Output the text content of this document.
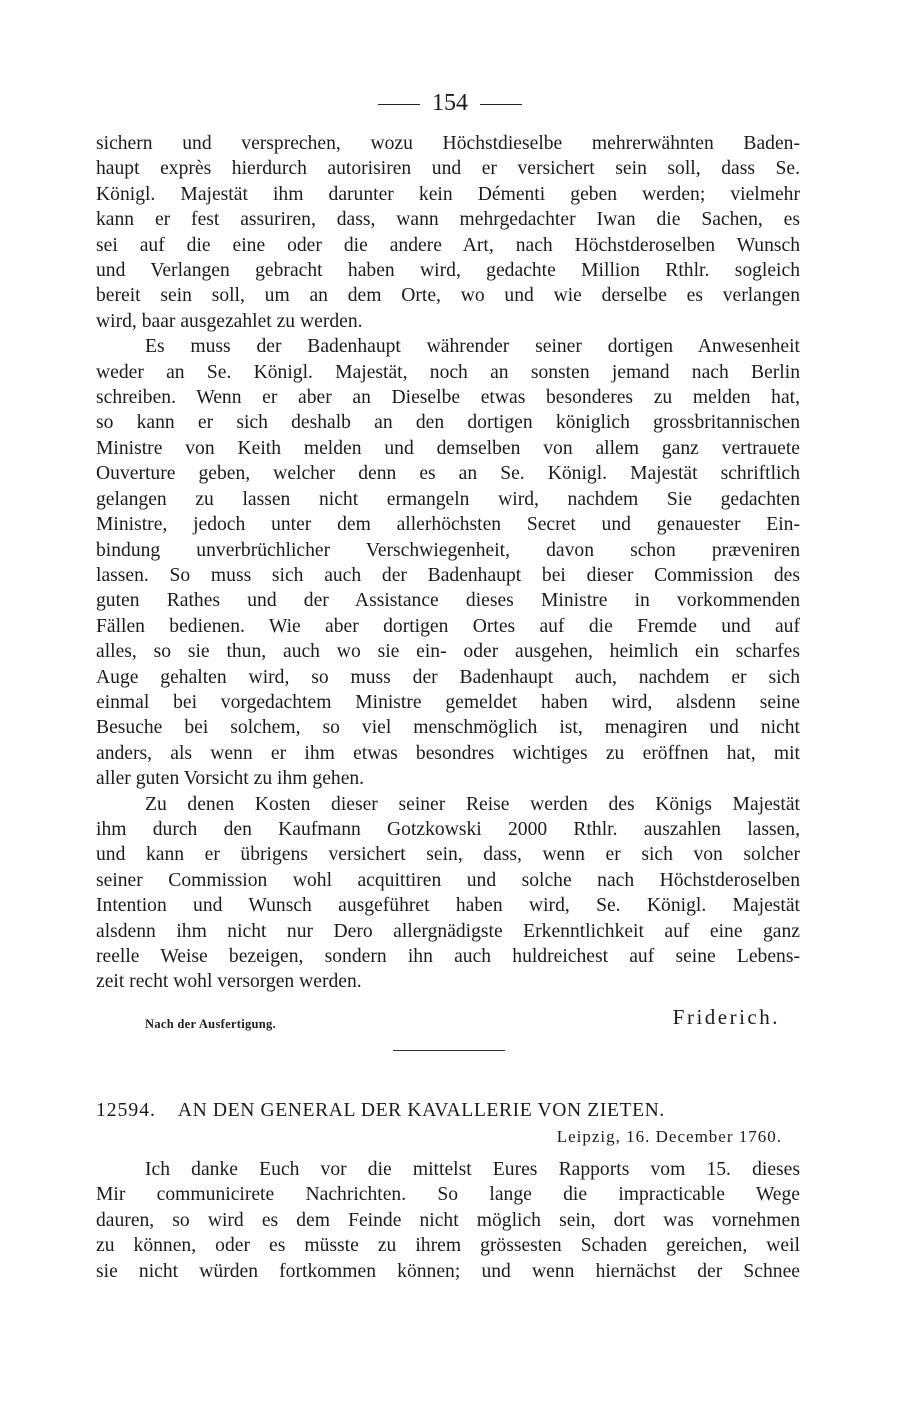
154
sichern und versprechen, wozu Höchstdieselbe mehrerwähnten Baden-
haupt exprès hierdurch autorisiren und er versichert sein soll, dass Se.
Königl. Majestät ihm darunter kein Démenti geben werden; vielmehr
kann er fest assuriren, dass, wann mehrgedachter Iwan die Sachen, es
sei auf die eine oder die andere Art, nach Höchstderoselben Wunsch
und Verlangen gebracht haben wird, gedachte Million Rthlr. sogleich
bereit sein soll, um an dem Orte, wo und wie derselbe es verlangen
wird, baar ausgezahlet zu werden.
Es muss der Badenhaupt währender seiner dortigen Anwesenheit
weder an Se. Königl. Majestät, noch an sonsten jemand nach Berlin
schreiben. Wenn er aber an Dieselbe etwas besonderes zu melden hat,
so kann er sich deshalb an den dortigen königlich grossbritannischen
Ministre von Keith melden und demselben von allem ganz vertrauete
Ouverture geben, welcher denn es an Se. Königl. Majestät schriftlich
gelangen zu lassen nicht ermangeln wird, nachdem Sie gedachten
Ministre, jedoch unter dem allerhöchsten Secret und genauester Ein-
bindung unverbrüchlicher Verschwiegenheit, davon schon præveniren
lassen. So muss sich auch der Badenhaupt bei dieser Commission des
guten Rathes und der Assistance dieses Ministre in vorkommenden
Fällen bedienen. Wie aber dortigen Ortes auf die Fremde und auf
alles, so sie thun, auch wo sie ein- oder ausgehen, heimlich ein scharfes
Auge gehalten wird, so muss der Badenhaupt auch, nachdem er sich
einmal bei vorgedachtem Ministre gemeldet haben wird, alsdenn seine
Besuche bei solchem, so viel menschmöglich ist, menagiren und nicht
anders, als wenn er ihm etwas besondres wichtiges zu eröffnen hat, mit
aller guten Vorsicht zu ihm gehen.
Zu denen Kosten dieser seiner Reise werden des Königs Majestät
ihm durch den Kaufmann Gotzkowski 2000 Rthlr. auszahlen lassen,
und kann er übrigens versichert sein, dass, wenn er sich von solcher
seiner Commission wohl acquittiren und solche nach Höchstderoselben
Intention und Wunsch ausgeführet haben wird, Se. Königl. Majestät
alsdenn ihm nicht nur Dero allergnädigste Erkenntlichkeit auf eine ganz
reelle Weise bezeigen, sondern ihn auch huldreichest auf seine Lebens-
zeit recht wohl versorgen werden.
Nach der Ausfertigung.	Friderich.
12594. AN DEN GENERAL DER KAVALLERIE VON ZIETEN.
Leipzig, 16. December 1760.
Ich danke Euch vor die mittelst Eures Rapports vom 15. dieses
Mir communicirete Nachrichten. So lange die impracticable Wege
dauren, so wird es dem Feinde nicht möglich sein, dort was vornehmen
zu können, oder es müsste zu ihrem grössesten Schaden gereichen, weil
sie nicht würden fortkommen können; und wenn hiernächst der Schnee
